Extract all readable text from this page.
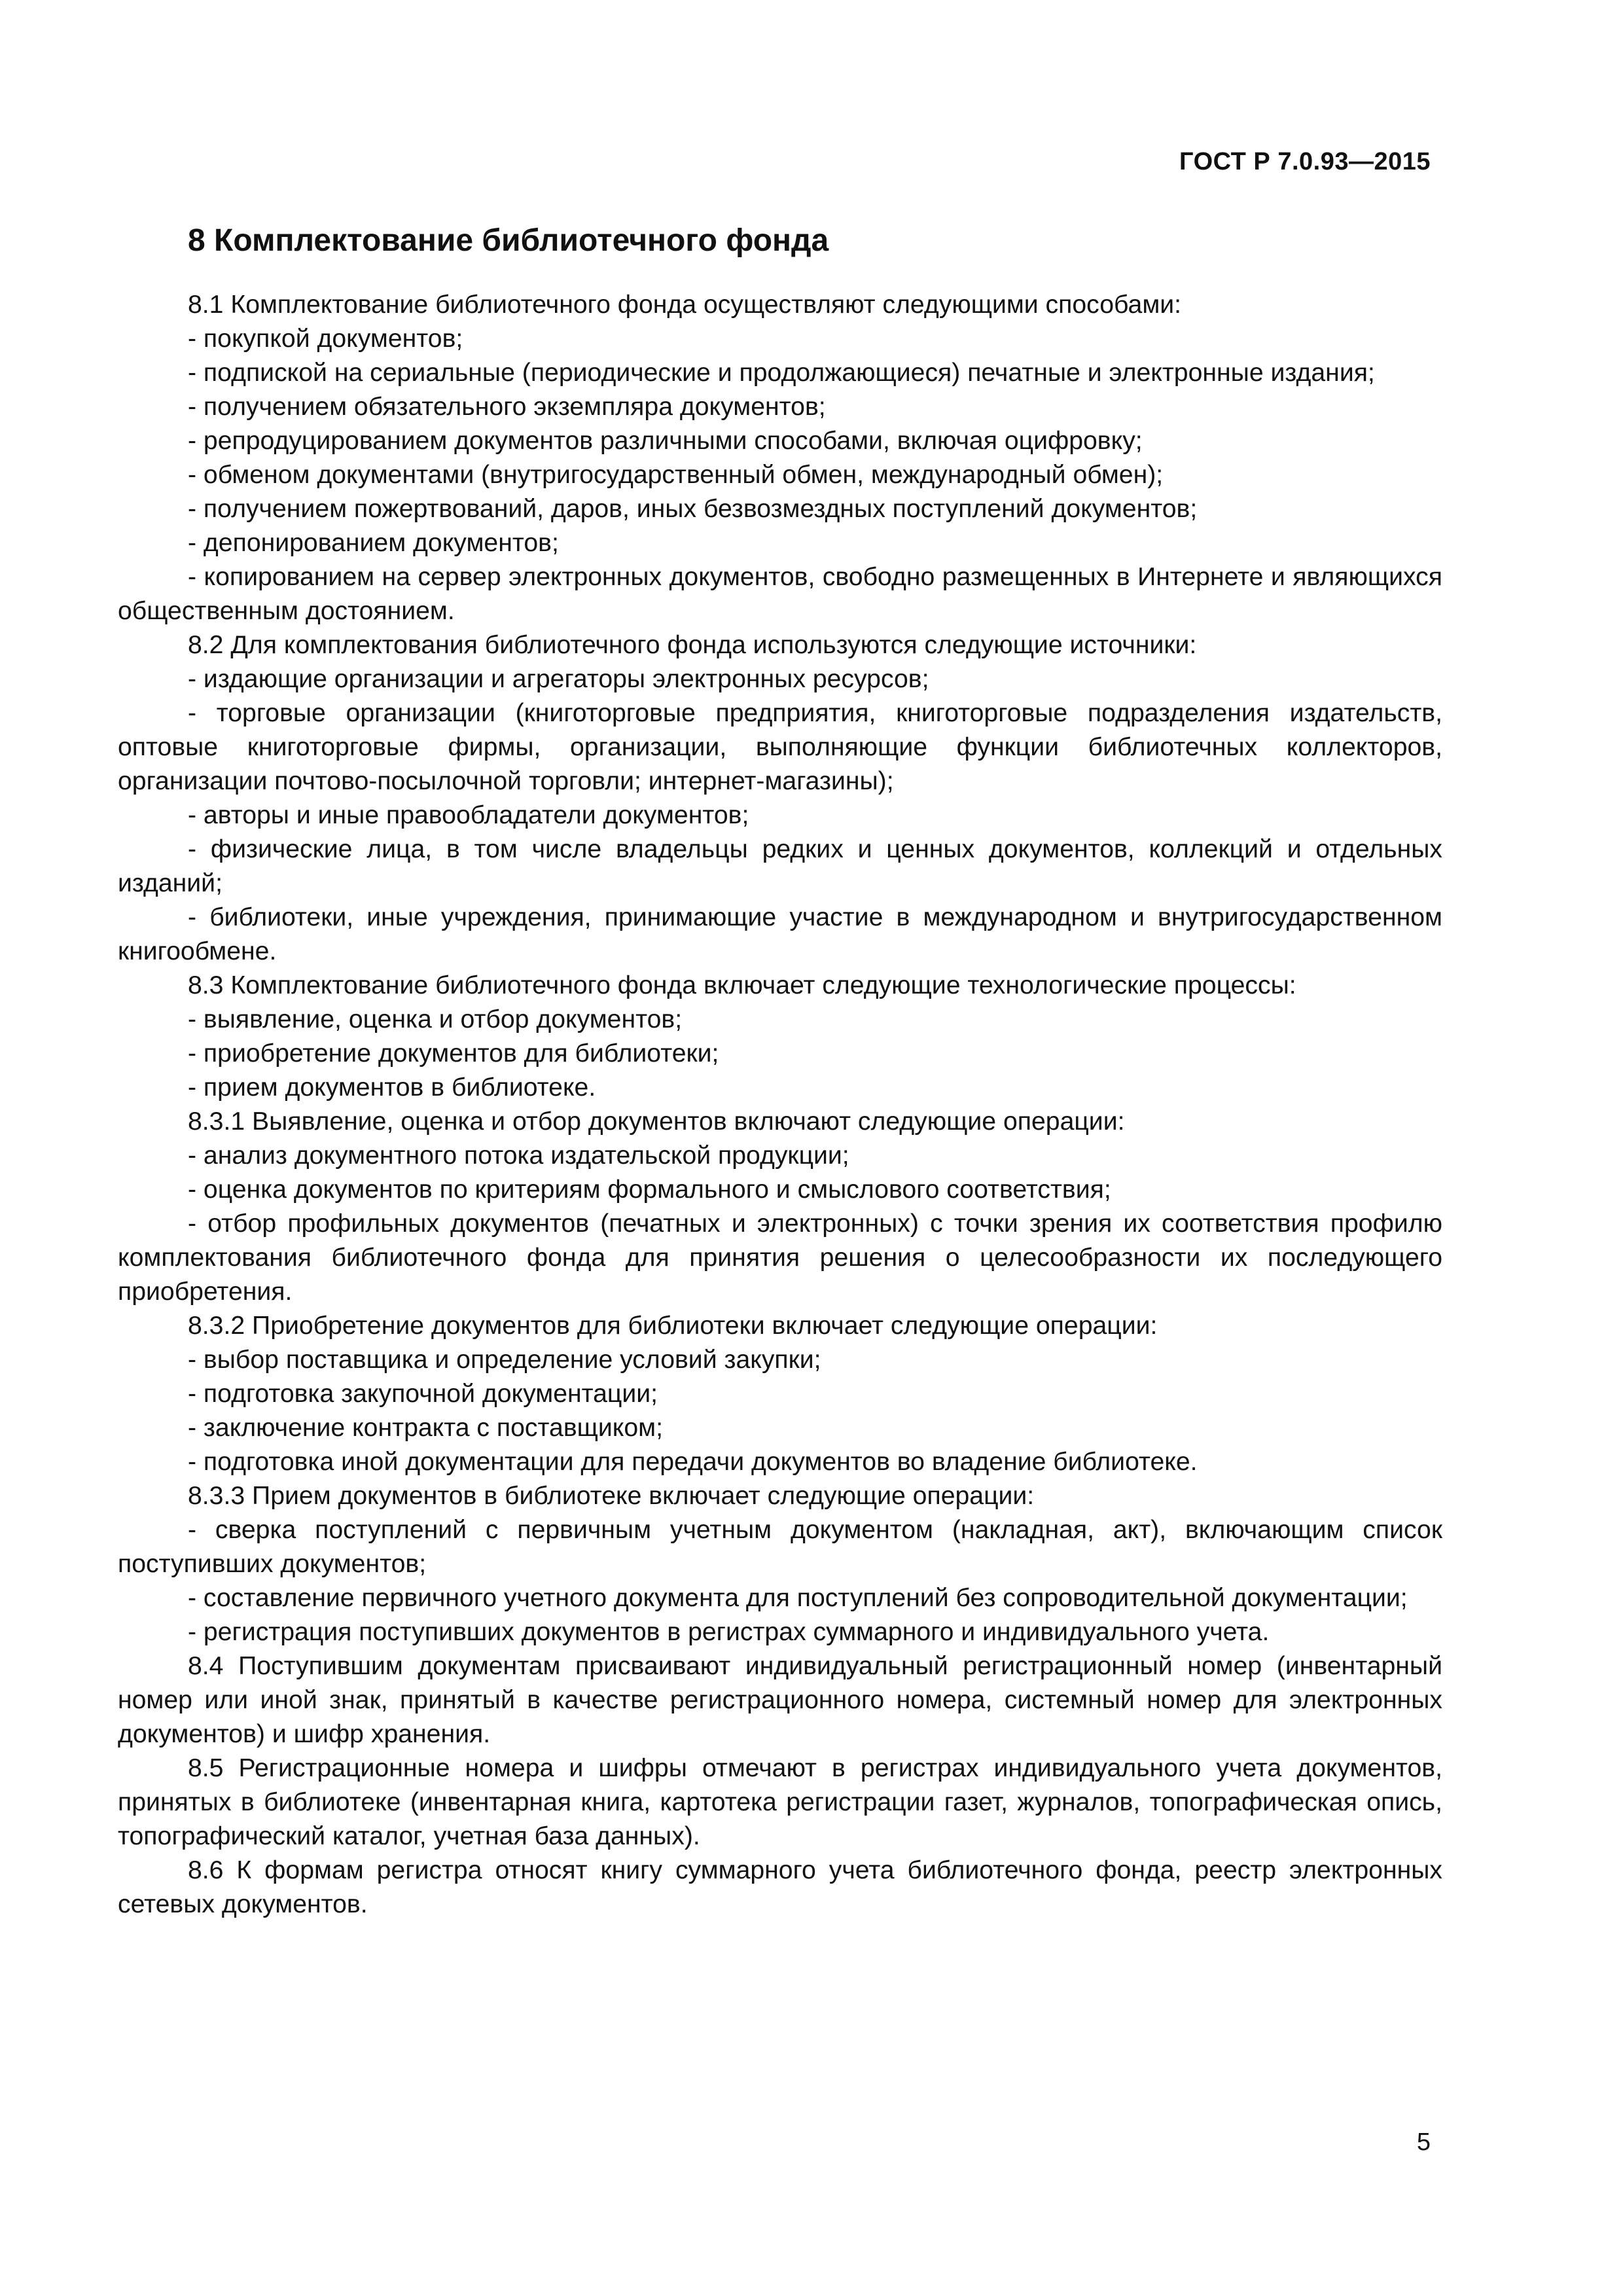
ГОСТ Р 7.0.93—2015
8 Комплектование библиотечного фонда

8.1 Комплектование библиотечного фонда осуществляют следующими способами:

- покупкой документов;

- подпиской на сериальные (периодические и продолжающиеся) печатные и электронные издания;

- получением обязательного экземпляра документов;

- репродуцированием документов различными способами, включая оцифровку;

- обменом документами (внутригосударственный обмен, международный обмен);

- получением пожертвований, даров, иных безвозмездных поступлений документов;

- депонированием документов;

- копированием на сервер электронных документов, свободно размещенных в Интернете и являющихся общественным достоянием.

8.2 Для комплектования библиотечного фонда используются следующие источники:

- издающие организации и агрегаторы электронных ресурсов;

- торговые организации (книготорговые предприятия, книготорговые подразделения издательств, оптовые книготорговые фирмы, организации, выполняющие функции библиотечных коллекторов, организации почтово-посылочной торговли; интернет-магазины);

- авторы и иные правообладатели документов;

- физические лица, в том числе владельцы редких и ценных документов, коллекций и отдельных изданий;

- библиотеки, иные учреждения, принимающие участие в международном и внутригосударственном книгообмене.

8.3 Комплектование библиотечного фонда включает следующие технологические процессы:

- выявление, оценка и отбор документов;

- приобретение документов для библиотеки;

- прием документов в библиотеке.

8.3.1 Выявление, оценка и отбор документов включают следующие операции:

- анализ документного потока издательской продукции;

- оценка документов по критериям формального и смыслового соответствия;

- отбор профильных документов (печатных и электронных) с точки зрения их соответствия профилю комплектования библиотечного фонда для принятия решения о целесообразности их последующего приобретения.

8.3.2 Приобретение документов для библиотеки включает следующие операции:

- выбор поставщика и определение условий закупки;

- подготовка закупочной документации;

- заключение контракта с поставщиком;

- подготовка иной документации для передачи документов во владение библиотеке.

8.3.3 Прием документов в библиотеке включает следующие операции:

- сверка поступлений с первичным учетным документом (накладная, акт), включающим список поступивших документов;

- составление первичного учетного документа для поступлений без сопроводительной документации;

- регистрация поступивших документов в регистрах суммарного и индивидуального учета.

8.4 Поступившим документам присваивают индивидуальный регистрационный номер (инвентарный номер или иной знак, принятый в качестве регистрационного номера, системный номер для электронных документов) и шифр хранения.

8.5 Регистрационные номера и шифры отмечают в регистрах индивидуального учета документов, принятых в библиотеке (инвентарная книга, картотека регистрации газет, журналов, топографическая опись, топографический каталог, учетная база данных).

8.6 К формам регистра относят книгу суммарного учета библиотечного фонда, реестр электронных сетевых документов.

5
